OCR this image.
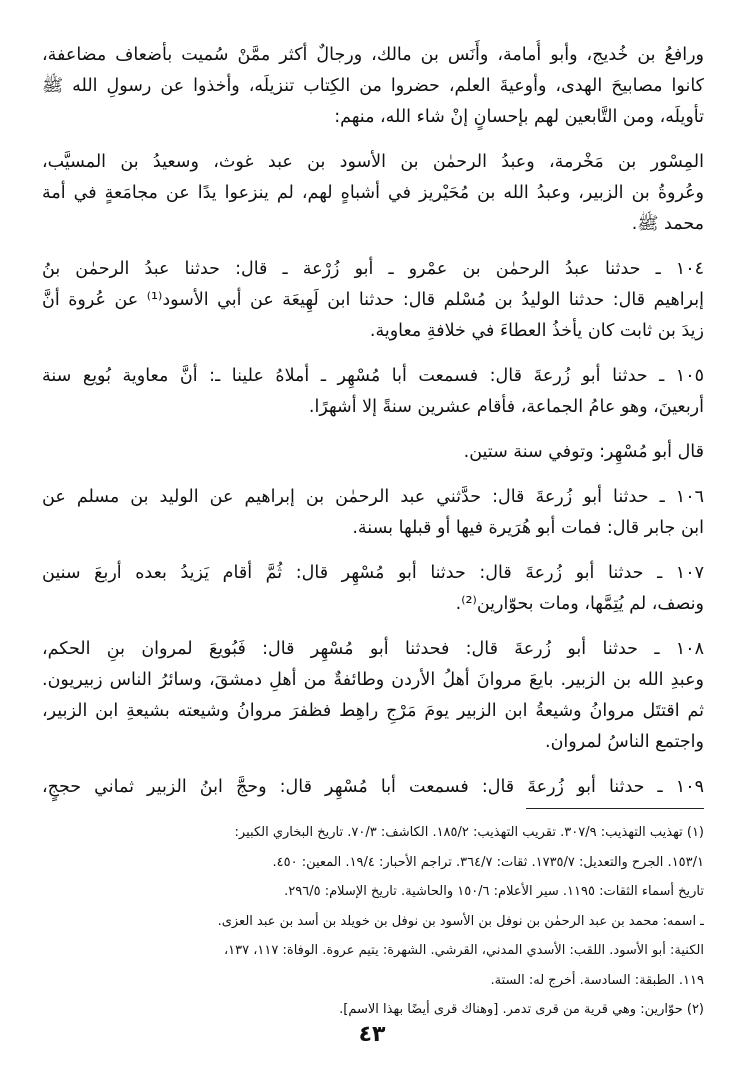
ورافعُ بن خُديج، وأبو أُمامة، وأَنَس بن مالك، ورجالٌ أكثر ممَّنْ سُميت بأضعاف مضاعفة،
كانوا مصابيحَ الهدى، وأوعيةَ العلم، حضروا من الكِتاب تنزيلَه، وأخذوا عن رسولِ الله ﷺ
تأويلَه، ومن التَّابعين لهم بإحسانٍ إنْ شاء الله، منهم:
المِسْور بن مَخْرمة، وعبدُ الرحمٰن بن الأسود بن عبد غوث، وسعيدُ بن المسيَّب،
وعُروةُ بن الزبير، وعبدُ الله بن مُحَيْريز في أشباهٍ لهم، لم ينزعوا يدًا عن مجامَعةٍ في أمة
محمد ﷺ.
١٠٤ ـ حدثنا عبدُ الرحمٰن بن عمْرو ـ أبو زُرْعة ـ قال: حدثنا عبدُ الرحمٰن بنُ
إبراهيم قال: حدثنا الوليدُ بن مُسْلم قال: حدثنا ابن لَهِيعَة عن أبي الأسود⁽¹⁾ عن عُروة أنَّ
زيدَ بن ثابت كان يأخذُ العطاءَ في خلافةِ معاوية.
١٠٥ ـ حدثنا أبو زُرعةَ قال: فسمعت أبا مُسْهِر ـ أملاهُ علينا ـ: أنَّ معاوية بُويع سنة
أربعينَ، وهو عامُ الجماعة، فأقام عشرين سنةً إلا أشهرًا.
قال أبو مُسْهِر: وتوفي سنة ستين.
١٠٦ ـ حدثنا أبو زُرعةَ قال: حدَّثني عبد الرحمٰن بن إبراهيم عن الوليد بن مسلم عن
ابن جابر قال: فمات أبو هُرَيرة فيها أو قبلها بسنة.
١٠٧ ـ حدثنا أبو زُرعةَ قال: حدثنا أبو مُسْهِر قال: ثُمَّ أقام يَزيدُ بعده أربعَ سنين
ونصف، لم يُتِمَّها، ومات بحوّارين⁽²⁾.
١٠٨ ـ حدثنا أبو زُرعةَ قال: فحدثنا أبو مُسْهِر قال: فَبُويعَ لمروان بنِ الحكم،
وعبدِ الله بن الزبير. بايعَ مروانَ أهلُ الأردن وطائفةٌ من أهلِ دمشقَ، وسائرُ الناس زبيريون.
ثم اقتتَل مروانُ وشيعةُ ابن الزبير يومَ مَرْجِ راهِط فظفرَ مروانُ وشيعته بشيعةِ ابن الزبير،
واجتمع الناسُ لمروان.
١٠٩ ـ حدثنا أبو زُرعةَ قال: فسمعت أبا مُسْهِر قال: وحجَّ ابنُ الزبير ثماني حججٍ،
(١) تهذيب التهذيب: ٣٠٧/٩. تقريب التهذيب: ١٨٥/٢. الكاشف: ٧٠/٣. تاريخ البخاري الكبير:
١٥٣/١. الجرح والتعديل: ١٧٣٥/٧. ثقات: ٣٦٤/٧. تراجم الأحبار: ١٩/٤. المعين: ٤٥٠.
تاريخ أسماء الثقات: ١١٩٥. سير الأعلام: ١٥٠/٦ والحاشية. تاريخ الإسلام: ٢٩٦/٥.
ـ اسمه: محمد بن عبد الرحمٰن بن نوفل بن الأسود بن نوفل بن خويلد بن أسد بن عبد العزى.
الكنية: أبو الأسود. اللقب: الأسدي المدني، القرشي. الشهرة: يتيم عروة. الوفاة: ١١٧، ١٣٧،
١١٩. الطبقة: السادسة. أخرج له: الستة.
(٢) حوّارين: وهي قرية من قرى تدمر. [وهناك قرى أيضًا بهذا الاسم].
٤٣
